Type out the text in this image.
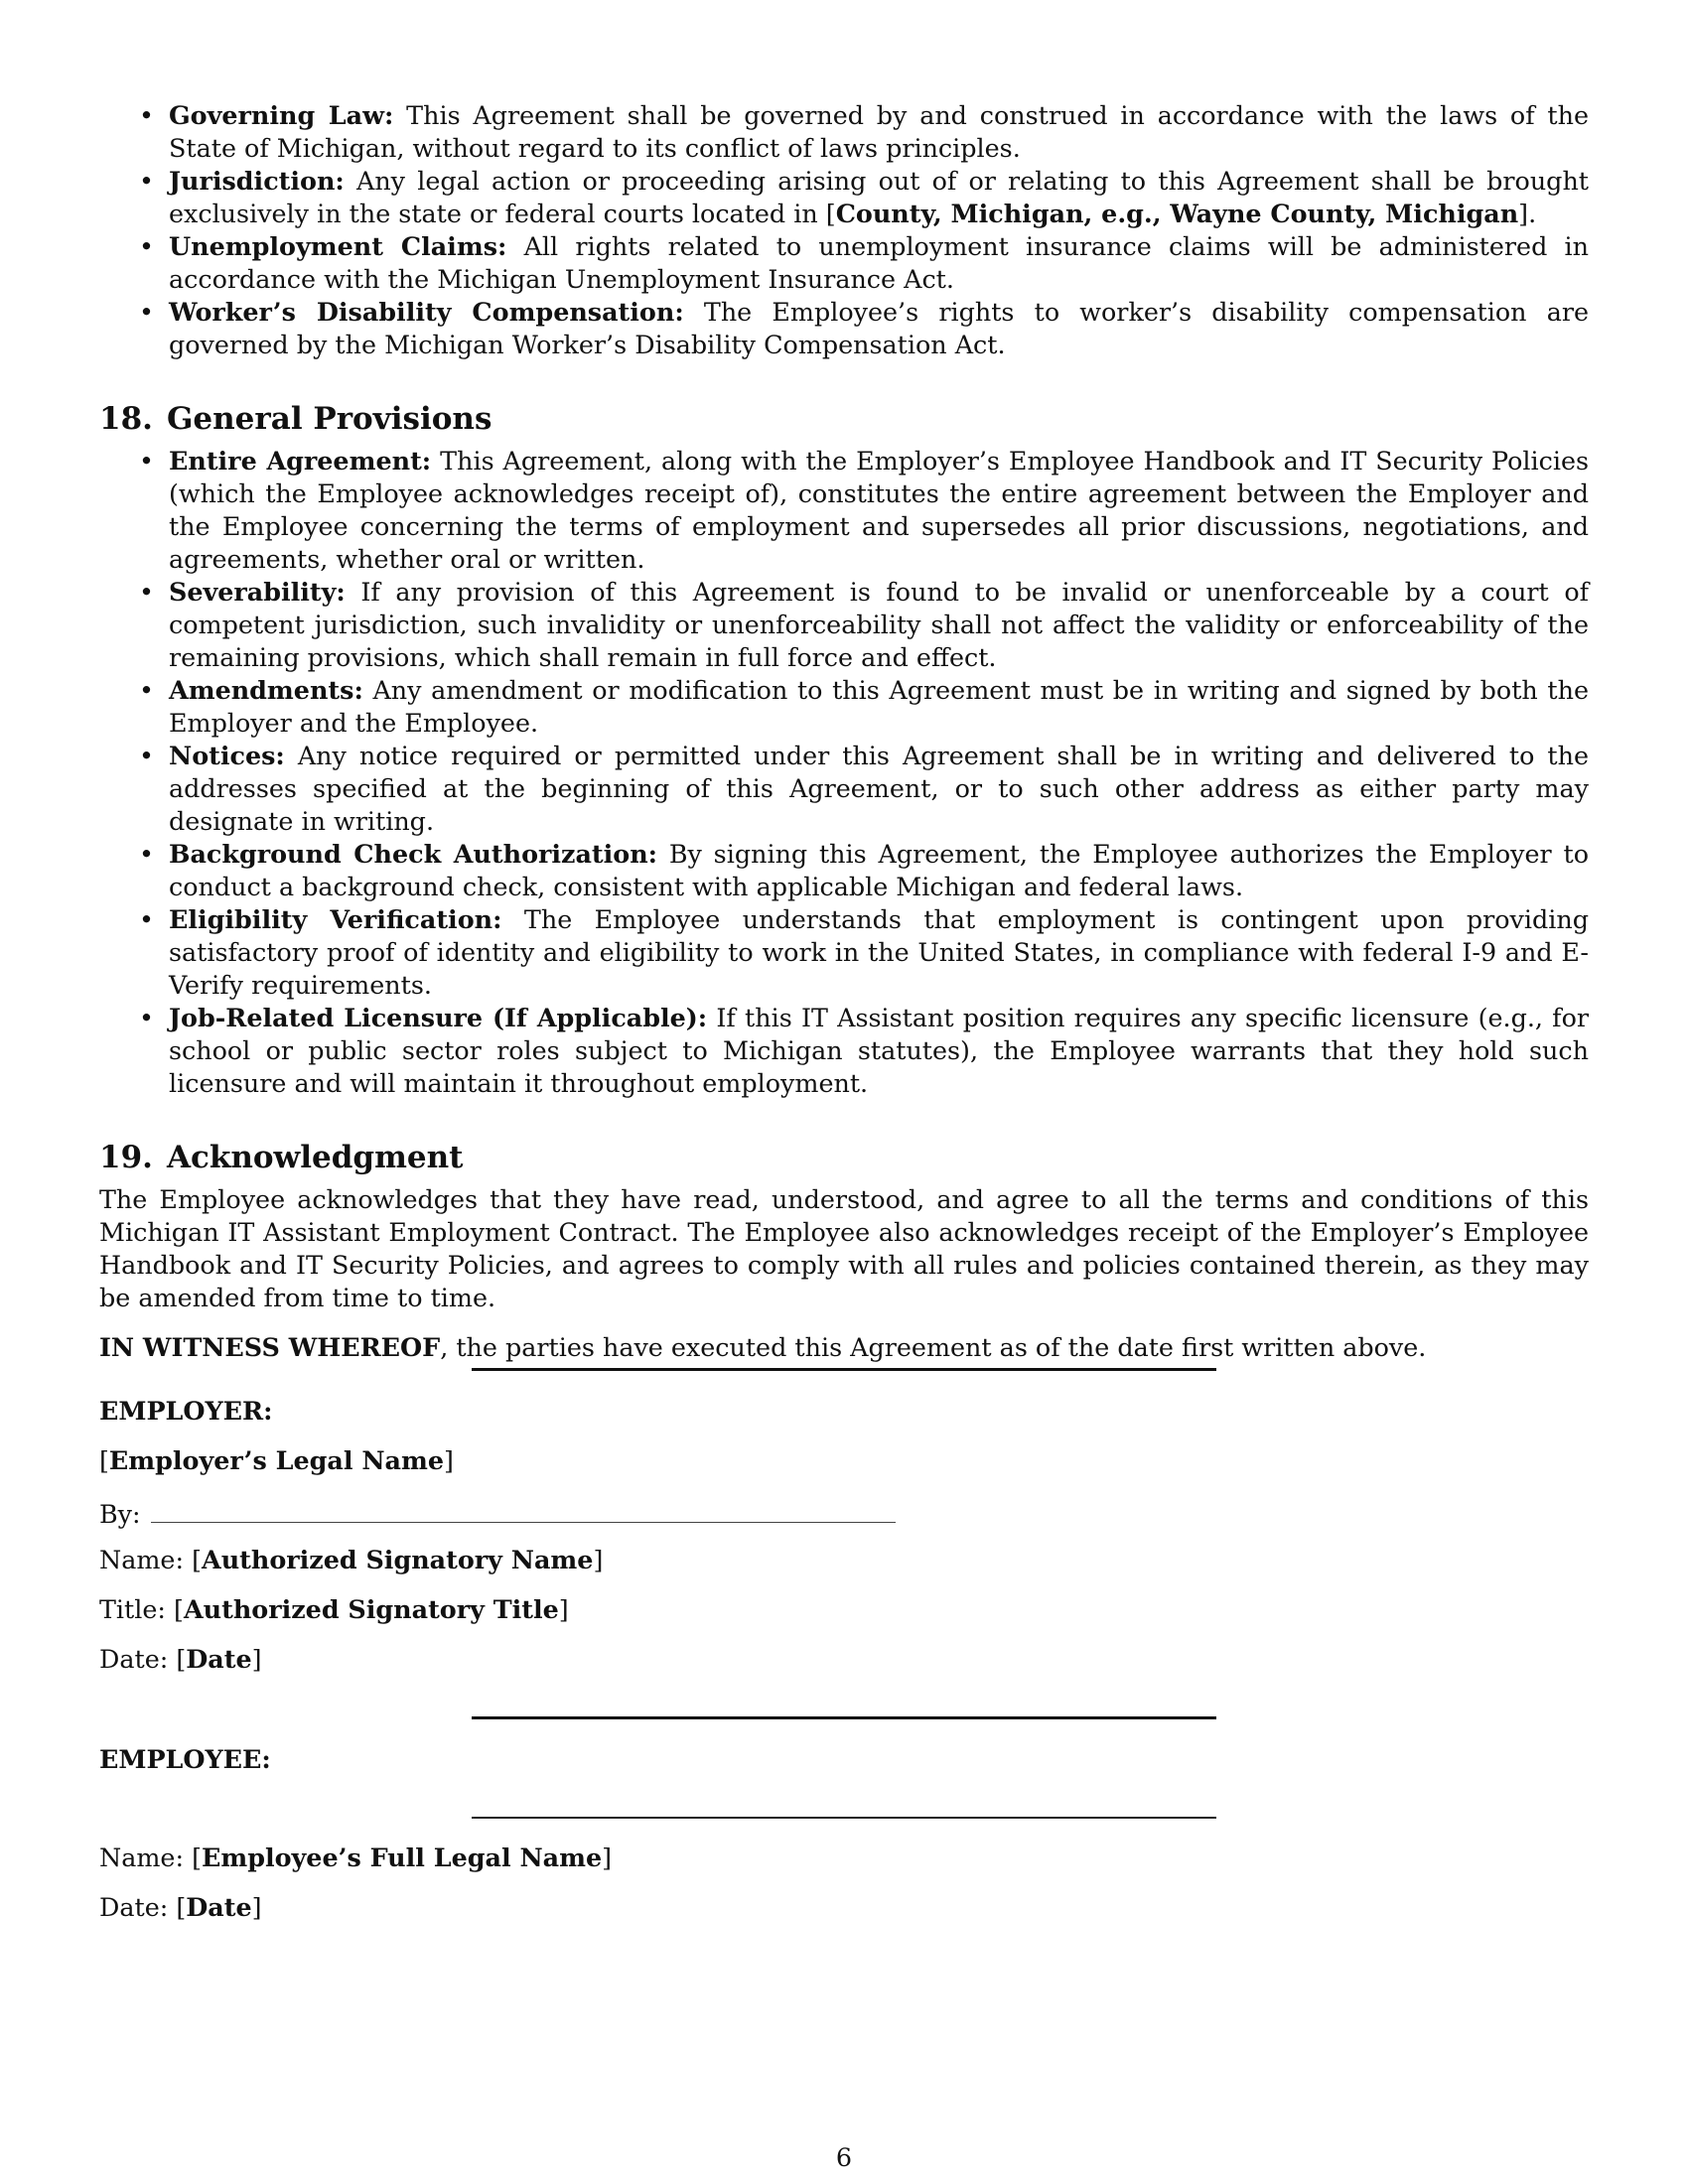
• Governing Law: This Agreement shall be governed by and construed in accordance with the laws of the State of Michigan, without regard to its conflict of laws principles.
• Jurisdiction: Any legal action or proceeding arising out of or relating to this Agreement shall be brought exclusively in the state or federal courts located in [County, Michigan, e.g., Wayne County, Michigan].
• Unemployment Claims: All rights related to unemployment insurance claims will be administered in accordance with the Michigan Unemployment Insurance Act.
• Worker’s Disability Compensation: The Employee’s rights to worker’s disability compensation are governed by the Michigan Worker’s Disability Compensation Act.
18. General Provisions
• Entire Agreement: This Agreement, along with the Employer’s Employee Handbook and IT Security Policies (which the Employee acknowledges receipt of), constitutes the entire agreement between the Employer and the Employee concerning the terms of employment and supersedes all prior discussions, negotiations, and agreements, whether oral or written.
• Severability: If any provision of this Agreement is found to be invalid or unenforceable by a court of competent jurisdiction, such invalidity or unenforceability shall not affect the validity or enforceability of the remaining provisions, which shall remain in full force and effect.
• Amendments: Any amendment or modification to this Agreement must be in writing and signed by both the Employer and the Employee.
• Notices: Any notice required or permitted under this Agreement shall be in writing and delivered to the addresses specified at the beginning of this Agreement, or to such other address as either party may designate in writing.
• Background Check Authorization: By signing this Agreement, the Employee authorizes the Employer to conduct a background check, consistent with applicable Michigan and federal laws.
• Eligibility Verification: The Employee understands that employment is contingent upon providing satisfactory proof of identity and eligibility to work in the United States, in compliance with federal I-9 and E-Verify requirements.
• Job-Related Licensure (If Applicable): If this IT Assistant position requires any specific licensure (e.g., for school or public sector roles subject to Michigan statutes), the Employee warrants that they hold such licensure and will maintain it throughout employment.
19. Acknowledgment

The Employee acknowledges that they have read, understood, and agree to all the terms and conditions of this Michigan IT Assistant Employment Contract. The Employee also acknowledges receipt of the Employer’s Employee Handbook and IT Security Policies, and agrees to comply with all rules and policies contained therein, as they may be amended from time to time.

IN WITNESS WHEREOF, the parties have executed this Agreement as of the date first written above.

EMPLOYER:
[Employer’s Legal Name]
By:
Name: [Authorized Signatory Name]
Title: [Authorized Signatory Title]
Date: [Date]
EMPLOYEE:
Name: [Employee’s Full Legal Name]
Date: [Date]
6
